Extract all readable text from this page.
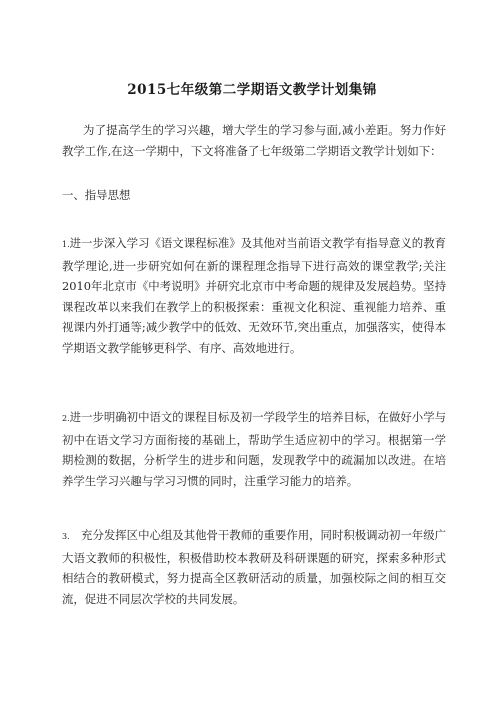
2015七年级第二学期语文教学计划集锦

为了提高学生的学习兴趣，增大学生的学习参与面,减小差距。努力作好教学工作,在这一学期中，下文将准备了七年级第二学期语文教学计划如下：

一、指导思想

1.进一步深入学习《语文课程标准》及其他对当前语文教学有指导意义的教育教学理论,进一步研究如何在新的课程理念指导下进行高效的课堂教学;关注2010年北京市《中考说明》并研究北京市中考命题的规律及发展趋势。坚持课程改革以来我们在教学上的积极探索：重视文化积淀、重视能力培养、重视课内外打通等;减少教学中的低效、无效环节,突出重点，加强落实，使得本学期语文教学能够更科学、有序、高效地进行。

2.进一步明确初中语文的课程目标及初一学段学生的培养目标，在做好小学与初中在语文学习方面衔接的基础上，帮助学生适应初中的学习。根据第一学期检测的数据，分析学生的进步和问题，发现教学中的疏漏加以改进。在培养学生学习兴趣与学习习惯的同时，注重学习能力的培养。

3.  充分发挥区中心组及其他骨干教师的重要作用，同时积极调动初一年级广大语文教师的积极性，积极借助校本教研及科研课题的研究，探索多种形式相结合的教研模式，努力提高全区教研活动的质量，加强校际之间的相互交流，促进不同层次学校的共同发展。
